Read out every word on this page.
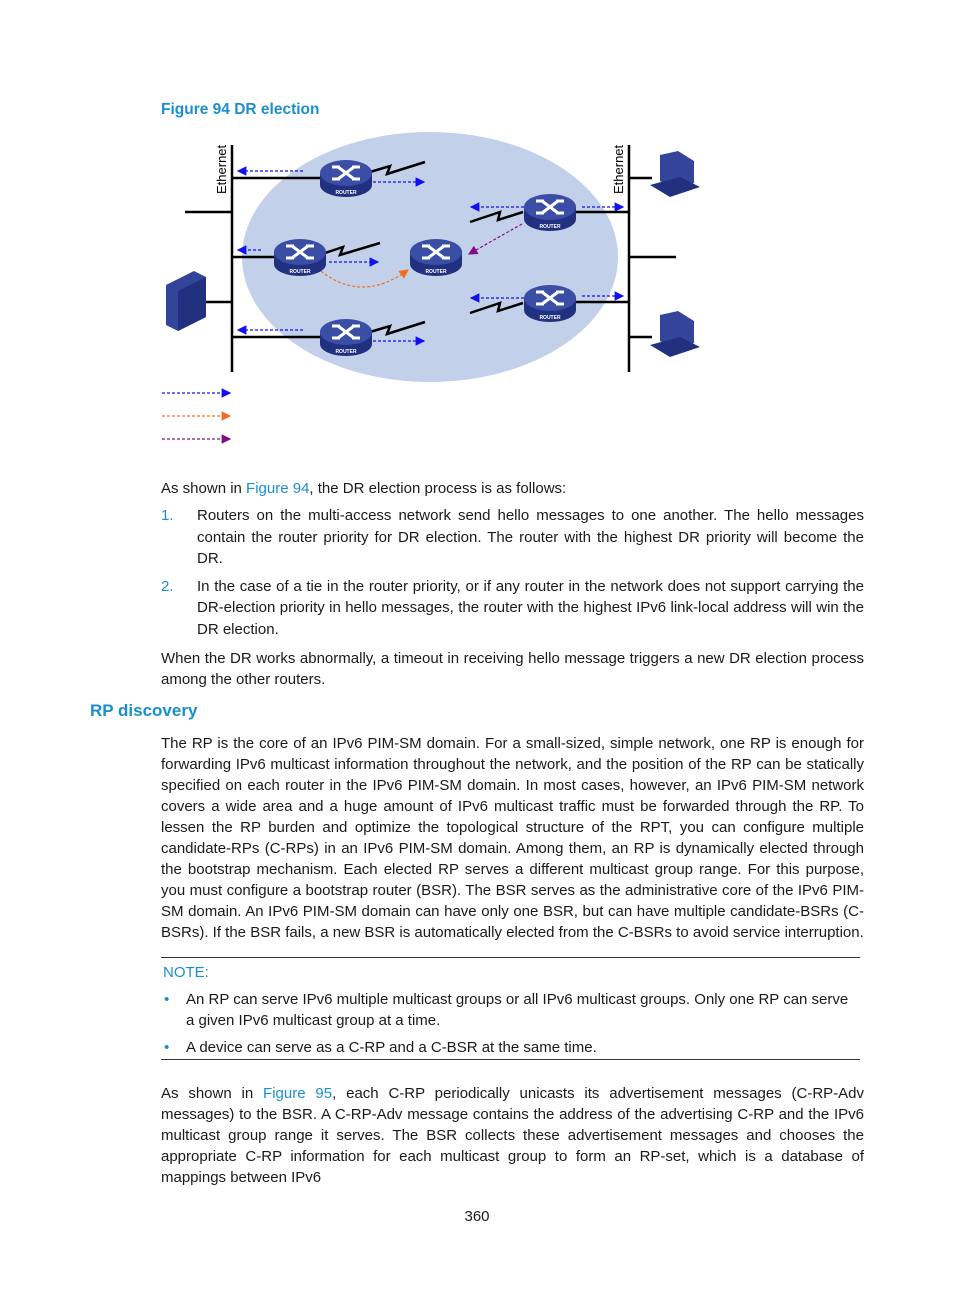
Figure 94 DR election
ROUTER
ROUTER	ROUTER
ROUTER
ROUTER
ROUTER
Ethernet	Ethernet
As shown in Figure 94, the DR election process is as follows:
1. Routers on the multi-access network send hello messages to one another. The hello messages contain the router priority for DR election. The router with the highest DR priority will become the DR.
2. In the case of a tie in the router priority, or if any router in the network does not support carrying the DR-election priority in hello messages, the router with the highest IPv6 link-local address will win the DR election.
When the DR works abnormally, a timeout in receiving hello message triggers a new DR election process among the other routers.
RP discovery
The RP is the core of an IPv6 PIM-SM domain. For a small-sized, simple network, one RP is enough for forwarding IPv6 multicast information throughout the network, and the position of the RP can be statically specified on each router in the IPv6 PIM-SM domain. In most cases, however, an IPv6 PIM-SM network covers a wide area and a huge amount of IPv6 multicast traffic must be forwarded through the RP. To lessen the RP burden and optimize the topological structure of the RPT, you can configure multiple candidate-RPs (C-RPs) in an IPv6 PIM-SM domain. Among them, an RP is dynamically elected through the bootstrap mechanism. Each elected RP serves a different multicast group range. For this purpose, you must configure a bootstrap router (BSR). The BSR serves as the administrative core of the IPv6 PIM-SM domain. An IPv6 PIM-SM domain can have only one BSR, but can have multiple candidate-BSRs (C-BSRs). If the BSR fails, a new BSR is automatically elected from the C-BSRs to avoid service interruption.
NOTE:
• An RP can serve IPv6 multiple multicast groups or all IPv6 multicast groups. Only one RP can serve a given IPv6 multicast group at a time.
• A device can serve as a C-RP and a C-BSR at the same time.
As shown in Figure 95, each C-RP periodically unicasts its advertisement messages (C-RP-Adv messages) to the BSR. A C-RP-Adv message contains the address of the advertising C-RP and the IPv6 multicast group range it serves. The BSR collects these advertisement messages and chooses the appropriate C-RP information for each multicast group to form an RP-set, which is a database of mappings between IPv6
360
